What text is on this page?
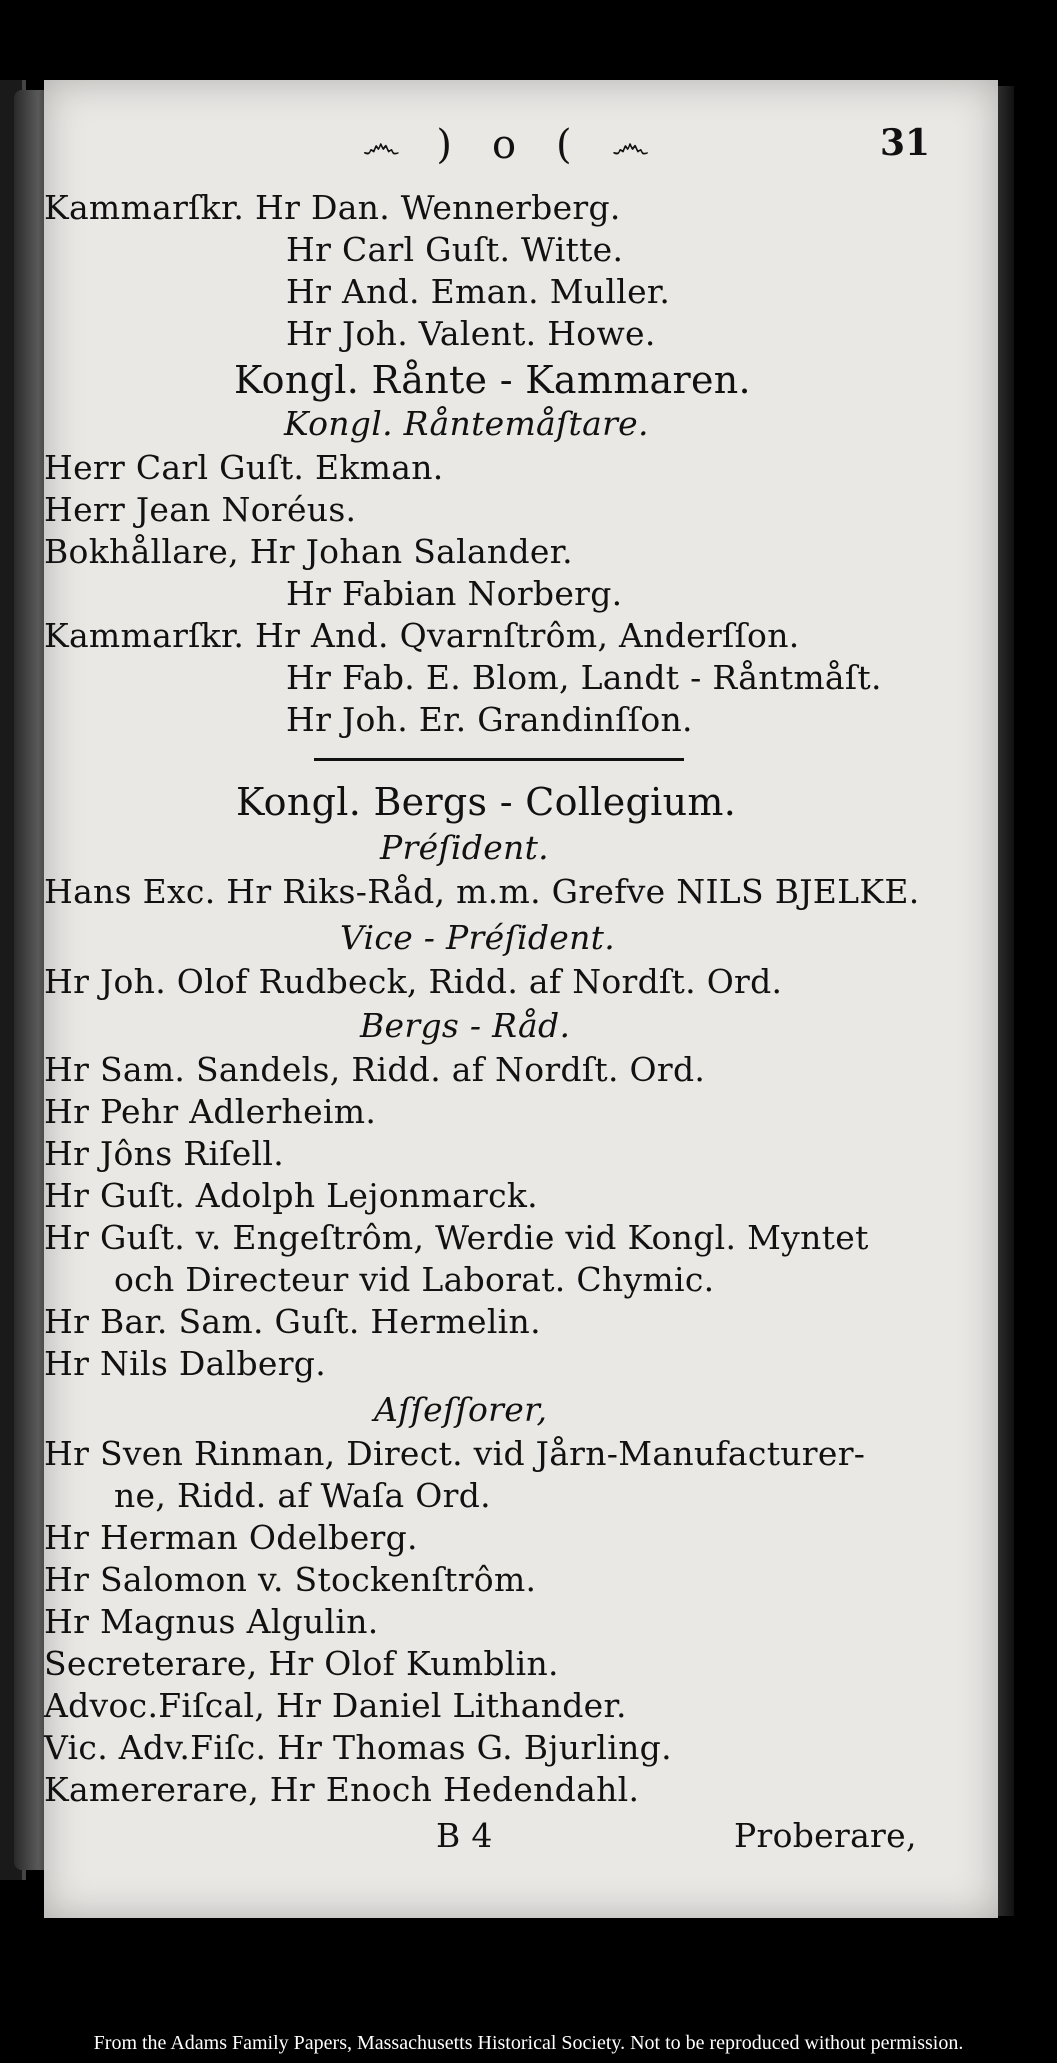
෴ ) o ( ෴	31
Kammarſkr. Hr Dan. Wennerberg.
Hr Carl Guſt. Witte.
Hr And. Eman. Muller.
Hr Joh. Valent. Howe.
Kongl. Rånte - Kammaren.
Kongl. Råntemåſtare.
Herr Carl Guſt. Ekman.
Herr Jean Noréus.
Bokhållare, Hr Johan Salander.
Hr Fabian Norberg.
Kammarſkr. Hr And. Qvarnſtrôm, Anderſſon.
Hr Fab. E. Blom, Landt - Råntmåſt.
Hr Joh. Er. Grandinſſon.
Kongl. Bergs - Collegium.
Préſident.
Hans Exc. Hr Riks-Råd, m.m. Grefve NILS BJELKE.
Vice - Préſident.
Hr Joh. Olof Rudbeck, Ridd. af Nordſt. Ord.
Bergs - Råd.
Hr Sam. Sandels, Ridd. af Nordſt. Ord.
Hr Pehr Adlerheim.
Hr Jôns Riſell.
Hr Guſt. Adolph Lejonmarck.
Hr Guſt. v. Engeſtrôm, Werdie vid Kongl. Myntet
och Directeur vid Laborat. Chymic.
Hr Bar. Sam. Guſt. Hermelin.
Hr Nils Dalberg.
Aſſeſſorer,
Hr Sven Rinman, Direct. vid Jårn-Manufacturer-
ne, Ridd. af Waſa Ord.
Hr Herman Odelberg.
Hr Salomon v. Stockenſtrôm.
Hr Magnus Algulin.
Secreterare, Hr Olof Kumblin.
Advoc.Fiſcal, Hr Daniel Lithander.
Vic. Adv.Fiſc. Hr Thomas G. Bjurling.
Kamererare, Hr Enoch Hedendahl.
B 4	Proberare,
From the Adams Family Papers, Massachusetts Historical Society. Not to be reproduced without permission.
